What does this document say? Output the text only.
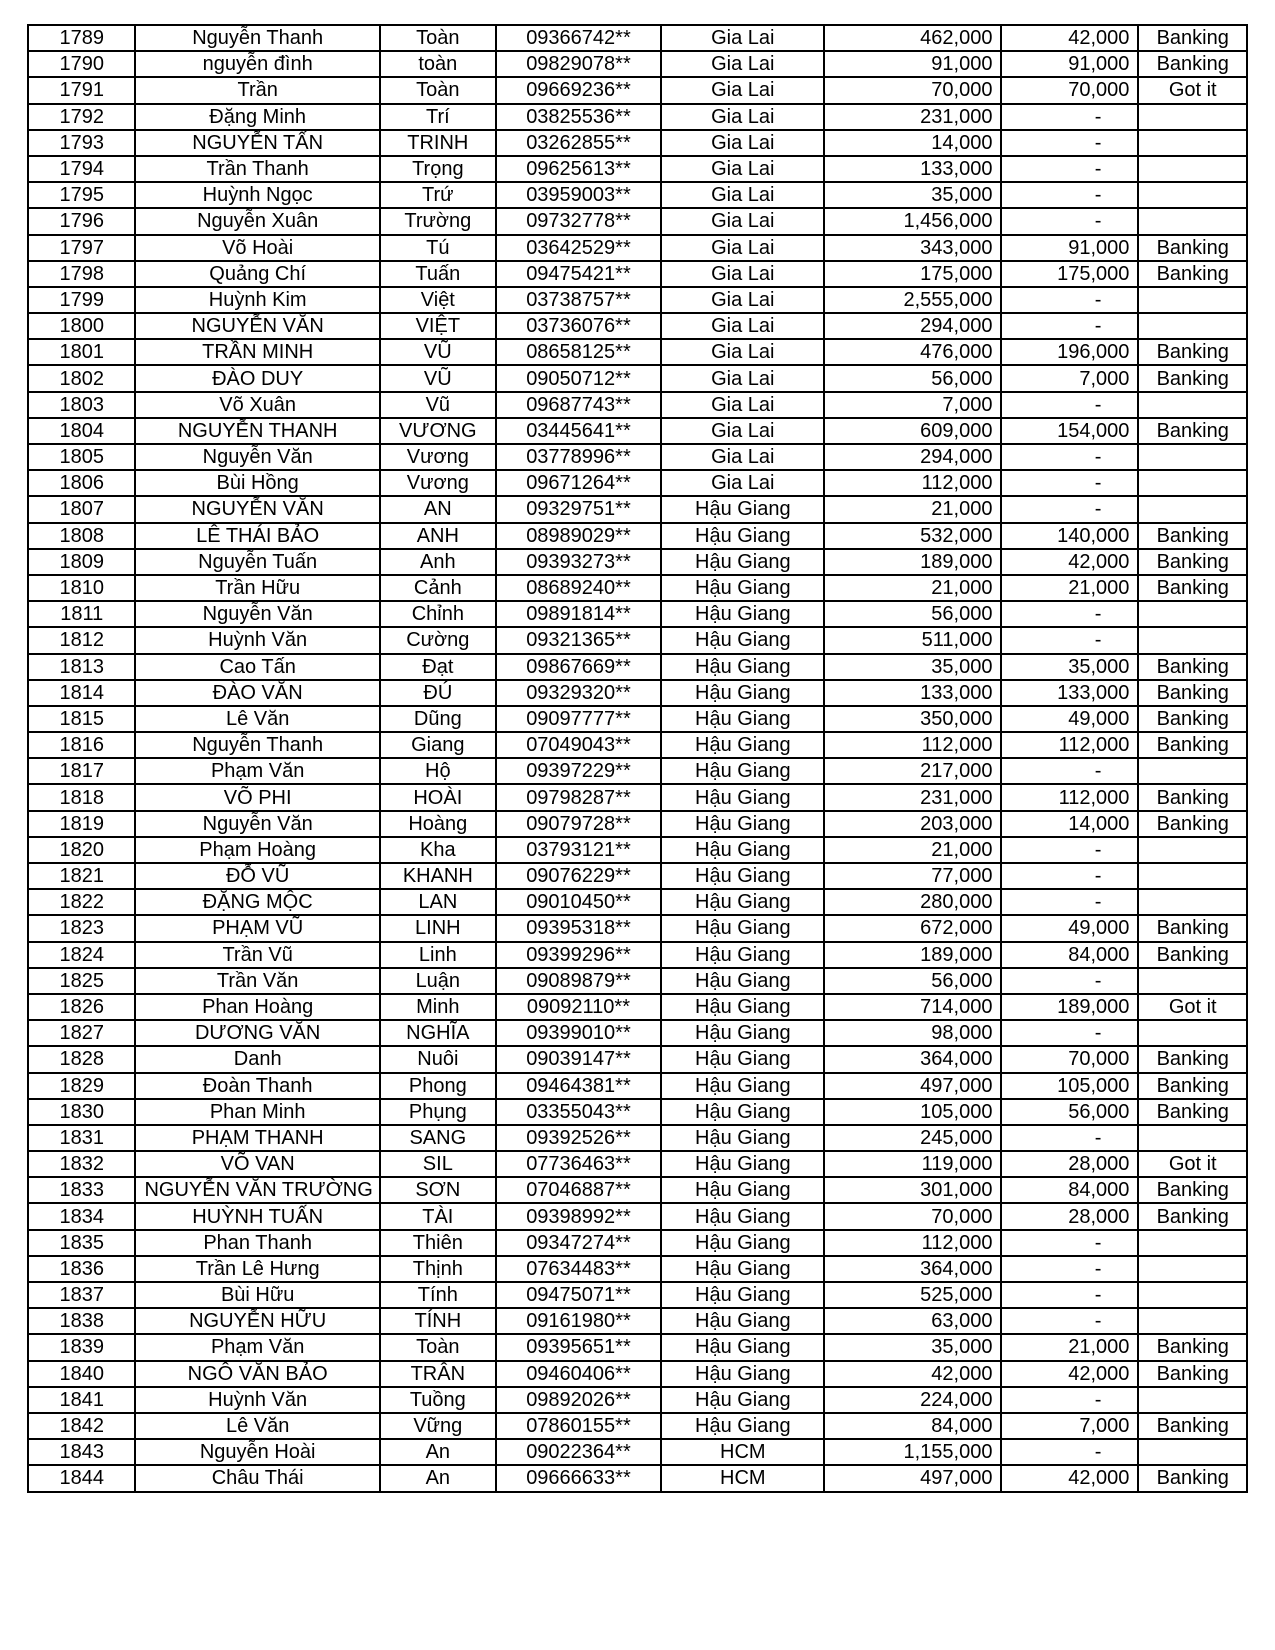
1789	Nguyễn Thanh	Toàn	09366742**	Gia Lai	462,000	42,000	Banking
1790	nguyễn đình	toàn	09829078**	Gia Lai	91,000	91,000	Banking
1791	Trần	Toàn	09669236**	Gia Lai	70,000	70,000	Got it
1792	Đặng Minh	Trí	03825536**	Gia Lai	231,000	-	
1793	NGUYỄN TẤN	TRINH	03262855**	Gia Lai	14,000	-	
1794	Trần Thanh	Trọng	09625613**	Gia Lai	133,000	-	
1795	Huỳnh Ngọc	Trứ	03959003**	Gia Lai	35,000	-	
1796	Nguyễn Xuân	Trường	09732778**	Gia Lai	1,456,000	-	
1797	Võ Hoài	Tú	03642529**	Gia Lai	343,000	91,000	Banking
1798	Quảng Chí	Tuấn	09475421**	Gia Lai	175,000	175,000	Banking
1799	Huỳnh Kim	Việt	03738757**	Gia Lai	2,555,000	-	
1800	NGUYỄN VĂN	VIỆT	03736076**	Gia Lai	294,000	-	
1801	TRẦN MINH	VŨ	08658125**	Gia Lai	476,000	196,000	Banking
1802	ĐÀO DUY	VŨ	09050712**	Gia Lai	56,000	7,000	Banking
1803	Võ Xuân	Vũ	09687743**	Gia Lai	7,000	-	
1804	NGUYỄN THANH	VƯƠNG	03445641**	Gia Lai	609,000	154,000	Banking
1805	Nguyễn Văn	Vương	03778996**	Gia Lai	294,000	-	
1806	Bùi Hồng	Vương	09671264**	Gia Lai	112,000	-	
1807	NGUYỄN VĂN	AN	09329751**	Hậu Giang	21,000	-	
1808	LÊ THÁI BẢO	ANH	08989029**	Hậu Giang	532,000	140,000	Banking
1809	Nguyễn Tuấn	Anh	09393273**	Hậu Giang	189,000	42,000	Banking
1810	Trần Hữu	Cảnh	08689240**	Hậu Giang	21,000	21,000	Banking
1811	Nguyễn Văn	Chỉnh	09891814**	Hậu Giang	56,000	-	
1812	Huỳnh Văn	Cường	09321365**	Hậu Giang	511,000	-	
1813	Cao Tấn	Đạt	09867669**	Hậu Giang	35,000	35,000	Banking
1814	ĐÀO VĂN	ĐÚ	09329320**	Hậu Giang	133,000	133,000	Banking
1815	Lê Văn	Dũng	09097777**	Hậu Giang	350,000	49,000	Banking
1816	Nguyễn Thanh	Giang	07049043**	Hậu Giang	112,000	112,000	Banking
1817	Phạm Văn	Hộ	09397229**	Hậu Giang	217,000	-	
1818	VÕ PHI	HOÀI	09798287**	Hậu Giang	231,000	112,000	Banking
1819	Nguyễn Văn	Hoàng	09079728**	Hậu Giang	203,000	14,000	Banking
1820	Phạm Hoàng	Kha	03793121**	Hậu Giang	21,000	-	
1821	ĐỖ VŨ	KHANH	09076229**	Hậu Giang	77,000	-	
1822	ĐẶNG MỘC	LAN	09010450**	Hậu Giang	280,000	-	
1823	PHẠM VŨ	LINH	09395318**	Hậu Giang	672,000	49,000	Banking
1824	Trần Vũ	Linh	09399296**	Hậu Giang	189,000	84,000	Banking
1825	Trần Văn	Luận	09089879**	Hậu Giang	56,000	-	
1826	Phan Hoàng	Minh	09092110**	Hậu Giang	714,000	189,000	Got it
1827	DƯƠNG VĂN	NGHĨA	09399010**	Hậu Giang	98,000	-	
1828	Danh	Nuôi	09039147**	Hậu Giang	364,000	70,000	Banking
1829	Đoàn Thanh	Phong	09464381**	Hậu Giang	497,000	105,000	Banking
1830	Phan Minh	Phụng	03355043**	Hậu Giang	105,000	56,000	Banking
1831	PHẠM THANH	SANG	09392526**	Hậu Giang	245,000	-	
1832	VÕ VAN	SIL	07736463**	Hậu Giang	119,000	28,000	Got it
1833	NGUYỄN VĂN TRƯỜNG	SƠN	07046887**	Hậu Giang	301,000	84,000	Banking
1834	HUỲNH TUẤN	TÀI	09398992**	Hậu Giang	70,000	28,000	Banking
1835	Phan Thanh	Thiên	09347274**	Hậu Giang	112,000	-	
1836	Trần Lê Hưng	Thịnh	07634483**	Hậu Giang	364,000	-	
1837	Bùi Hữu	Tính	09475071**	Hậu Giang	525,000	-	
1838	NGUYỄN HỮU	TÍNH	09161980**	Hậu Giang	63,000	-	
1839	Phạm Văn	Toàn	09395651**	Hậu Giang	35,000	21,000	Banking
1840	NGÔ VĂN BẢO	TRÂN	09460406**	Hậu Giang	42,000	42,000	Banking
1841	Huỳnh Văn	Tuồng	09892026**	Hậu Giang	224,000	-	
1842	Lê Văn	Vững	07860155**	Hậu Giang	84,000	7,000	Banking
1843	Nguyễn Hoài	An	09022364**	HCM	1,155,000	-	
1844	Châu Thái	An	09666633**	HCM	497,000	42,000	Banking
